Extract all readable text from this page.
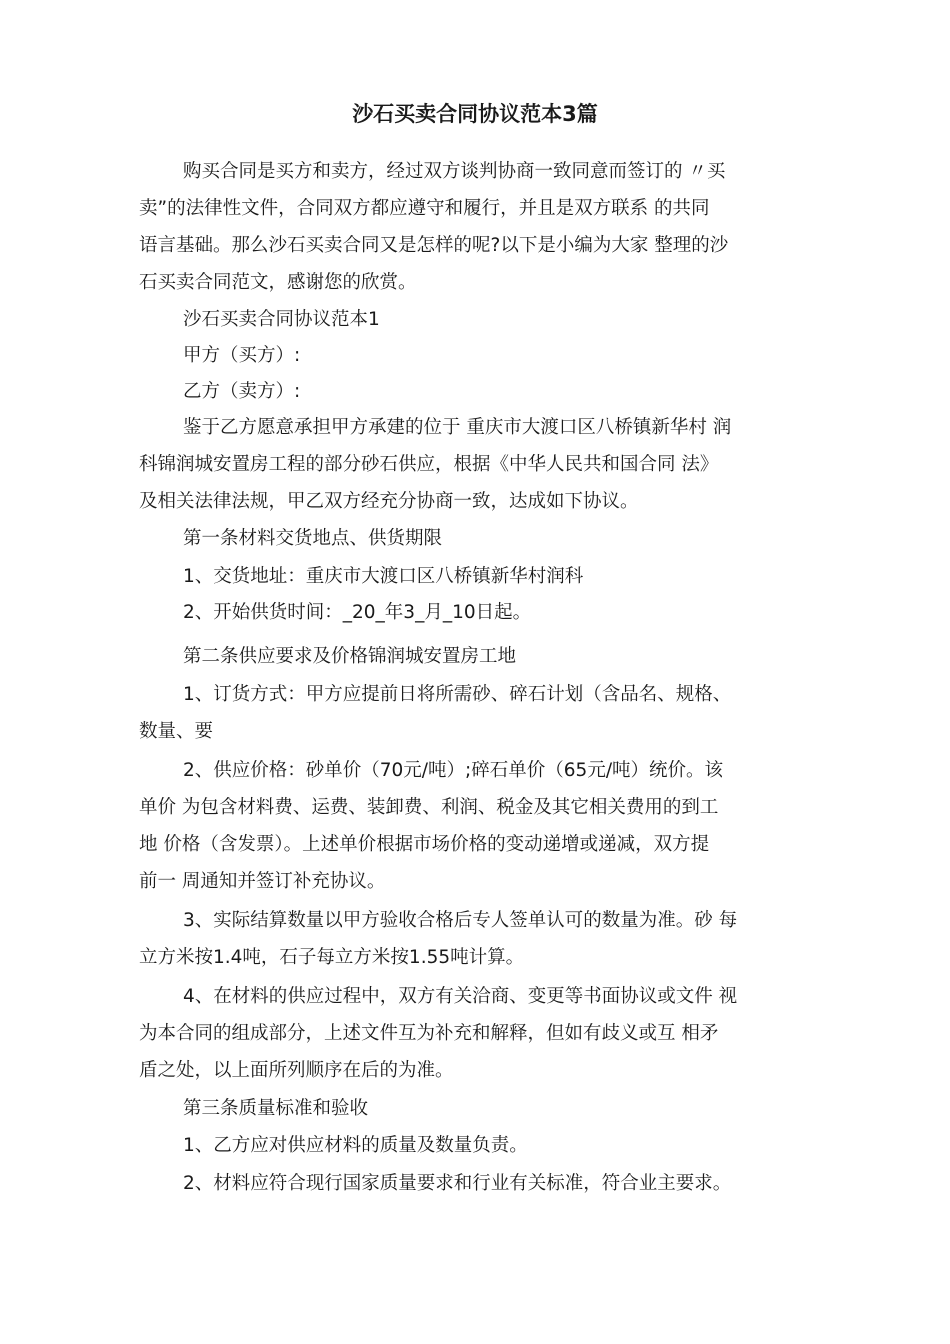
沙石买卖合同协议范本3篇
购买合同是买方和卖方，经过双方谈判协商一致同意而签订的 〃买
卖”的法律性文件，合同双方都应遵守和履行，并且是双方联系 的共同
语言基础。那么沙石买卖合同又是怎样的呢?以下是小编为大家 整理的沙
石买卖合同范文，感谢您的欣赏。
沙石买卖合同协议范本1
甲方（买方）:
乙方（卖方）:
鉴于乙方愿意承担甲方承建的位于 重庆市大渡口区八桥镇新华村 润
科锦润城安置房工程的部分砂石供应，根据《中华人民共和国合同 法》
及相关法律法规，甲乙双方经充分协商一致，达成如下协议。
第一条材料交货地点、供货期限
1、交货地址：重庆市大渡口区八桥镇新华村润科
2、开始供货时间：_20_年3_月_10日起。
第二条供应要求及价格锦润城安置房工地
1、订货方式：甲方应提前日将所需砂、碎石计划（含品名、规格、
数量、要
2、供应价格：砂单价（70元/吨）;碎石单价（65元/吨）统价。该
单价 为包含材料费、运费、装卸费、利润、税金及其它相关费用的到工
地 价格（含发票）。上述单价根据市场价格的变动递增或递减，双方提
前一 周通知并签订补充协议。
3、实际结算数量以甲方验收合格后专人签单认可的数量为准。砂 每
立方米按1.4吨，石子每立方米按1.55吨计算。
4、在材料的供应过程中，双方有关洽商、变更等书面协议或文件 视
为本合同的组成部分，上述文件互为补充和解释，但如有歧义或互 相矛
盾之处，以上面所列顺序在后的为准。
第三条质量标准和验收
1、乙方应对供应材料的质量及数量负责。
2、材料应符合现行国家质量要求和行业有关标准，符合业主要求。
